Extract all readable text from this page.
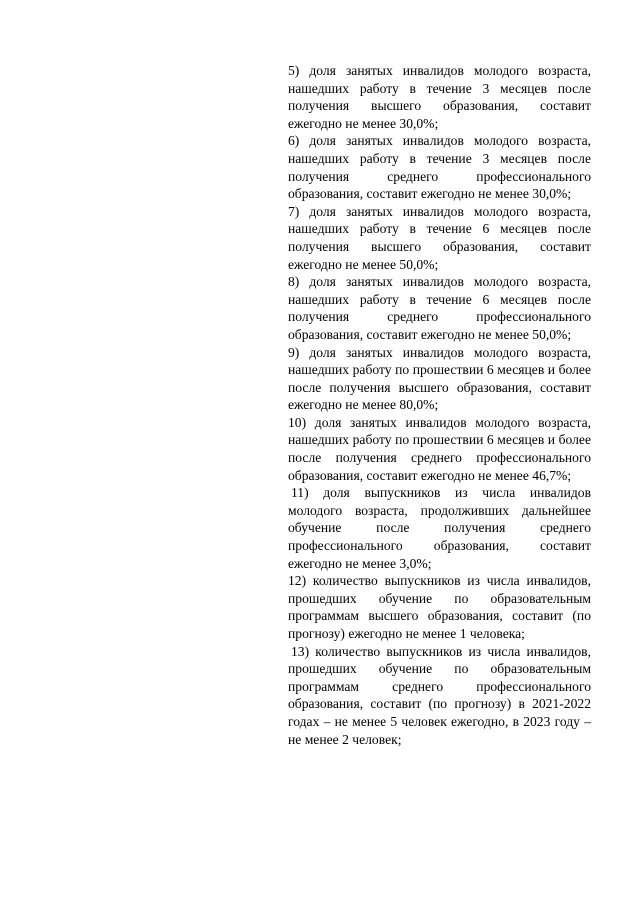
5) доля занятых инвалидов молодого возраста, нашедших работу в течение 3 месяцев после получения высшего образования, составит ежегодно не менее 30,0%;

6) доля занятых инвалидов молодого возраста, нашедших работу в течение 3 месяцев после получения среднего профессионального образования, составит ежегодно не менее 30,0%;

7) доля занятых инвалидов молодого возраста, нашедших работу в течение 6 месяцев после получения высшего образования, составит ежегодно не менее 50,0%;

8) доля занятых инвалидов молодого возраста, нашедших работу в течение 6 месяцев после получения среднего профессионального образования, составит ежегодно не менее 50,0%;

9) доля занятых инвалидов молодого возраста, нашедших работу по прошествии 6 месяцев и более после получения высшего образования, составит ежегодно не менее 80,0%;

10) доля занятых инвалидов молодого возраста, нашедших работу по прошествии 6 месяцев и более после получения среднего профессионального образования, составит ежегодно не менее 46,7%;

11) доля выпускников из числа инвалидов молодого возраста, продолживших дальнейшее обучение после получения среднего профессионального образования, составит ежегодно не менее 3,0%;

12) количество выпускников из числа инвалидов, прошедших обучение по образовательным программам высшего образования, составит (по прогнозу) ежегодно не менее 1 человека;

13) количество выпускников из числа инвалидов, прошедших обучение по образовательным программам среднего профессионального образования, составит (по прогнозу) в 2021-2022 годах – не менее 5 человек ежегодно, в 2023 году – не менее 2 человек;
